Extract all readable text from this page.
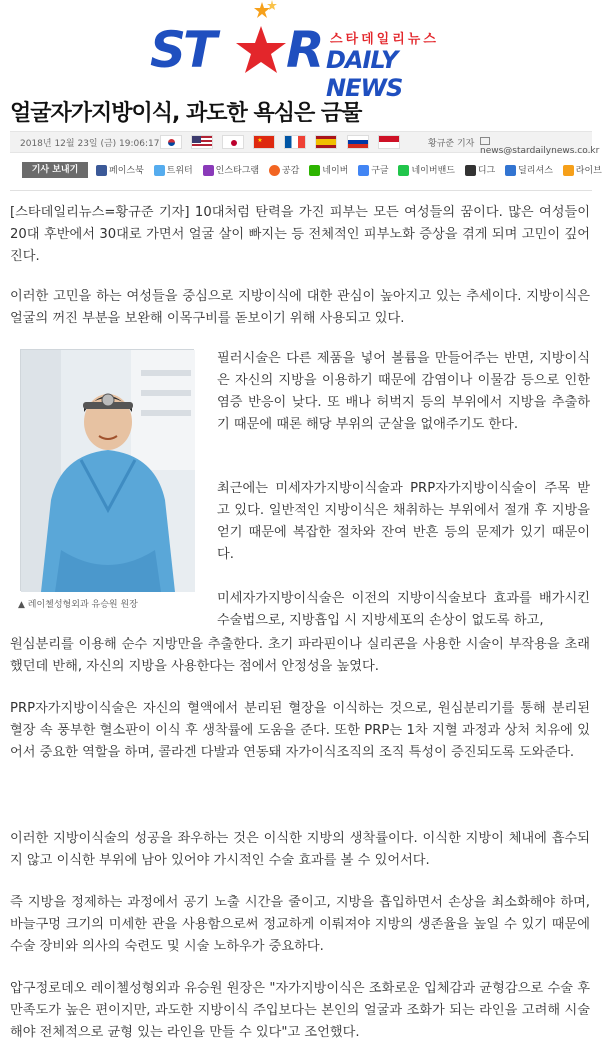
ST R 스타데일리뉴스
DAILY NEWS
얼굴자가지방이식, 과도한 욕심은 금물
2018년 12월 23일 (금) 19:06:17

	★
	황규준 기자
news@stardailynews.co.kr
기사 보내기	페이스북	트위터	인스타그램	공감	네이버	구글	네이버밴드	디그	딜리셔스	라이브

[스타데일리뉴스=황규준 기자] 10대처럼 탄력을 가진 피부는 모든 여성들의 꿈이다. 많은 여성들이 20대 후반에서 30대로 가면서 얼굴 살이 빠지는 등 전체적인 피부노화 증상을 겪게 되며 고민이 깊어진다.

이러한 고민을 하는 여성들을 중심으로 지방이식에 대한 관심이 높아지고 있는 추세이다. 지방이식은 얼굴의 꺼진 부분을 보완해 이목구비를 돋보이기 위해 사용되고 있다.

원심분리를 이용해 순수 지방만을 추출한다. 초기 파라핀이나 실리콘을 사용한 시술이 부작용을 초래했던데 반해, 자신의 지방을 사용한다는 점에서 안정성을 높였다.

PRP자가지방이식술은 자신의 혈액에서 분리된 혈장을 이식하는 것으로, 원심분리기를 통해 분리된 혈장 속 풍부한 혈소판이 이식 후 생착률에 도움을 준다. 또한 PRP는 1차 지혈 과정과 상처 치유에 있어서 중요한 역할을 하며, 콜라겐 다발과 연동돼 자가이식조직의 조직 특성이 증진되도록 도와준다.

이러한 지방이식술의 성공을 좌우하는 것은 이식한 지방의 생착률이다. 이식한 지방이 체내에 흡수되지 않고 이식한 부위에 남아 있어야 가시적인 수술 효과를 볼 수 있어서다.

즉 지방을 정제하는 과정에서 공기 노출 시간을 줄이고, 지방을 흡입하면서 손상을 최소화해야 하며, 바늘구멍 크기의 미세한 관을 사용함으로써 정교하게 이뤄져야 지방의 생존율을 높일 수 있기 때문에 수술 장비와 의사의 숙련도 및 시술 노하우가 중요하다.

압구정로데오 레이첼성형외과 유승원 원장은 "자가지방이식은 조화로운 입체감과 균형감으로 수술 후 만족도가 높은 편이지만, 과도한 지방이식 주입보다는 본인의 얼굴과 조화가 되는 라인을 고려해 시술해야 전체적으로 균형 있는 라인을 만들 수 있다"고 조언했다.

▲ 레이첼성형외과 유승원 원장

필러시술은 다른 제품을 넣어 볼륨을 만들어주는 반면, 지방이식은 자신의 지방을 이용하기 때문에 감염이나 이물감 등으로 인한 염증 반응이 낮다. 또 배나 허벅지 등의 부위에서 지방을 추출하기 때문에 때론 해당 부위의 군살을 없애주기도 한다.

최근에는 미세자가지방이식술과 PRP자가지방이식술이 주목 받고 있다. 일반적인 지방이식은 채취하는 부위에서 절개 후 지방을 얻기 때문에 복잡한 절차와 잔여 반흔 등의 문제가 있기 때문이다.

미세자가지방이식술은 이전의 지방이식술보다 효과를 배가시킨 수술법으로, 지방흡입 시 지방세포의 손상이 없도록 하고,
